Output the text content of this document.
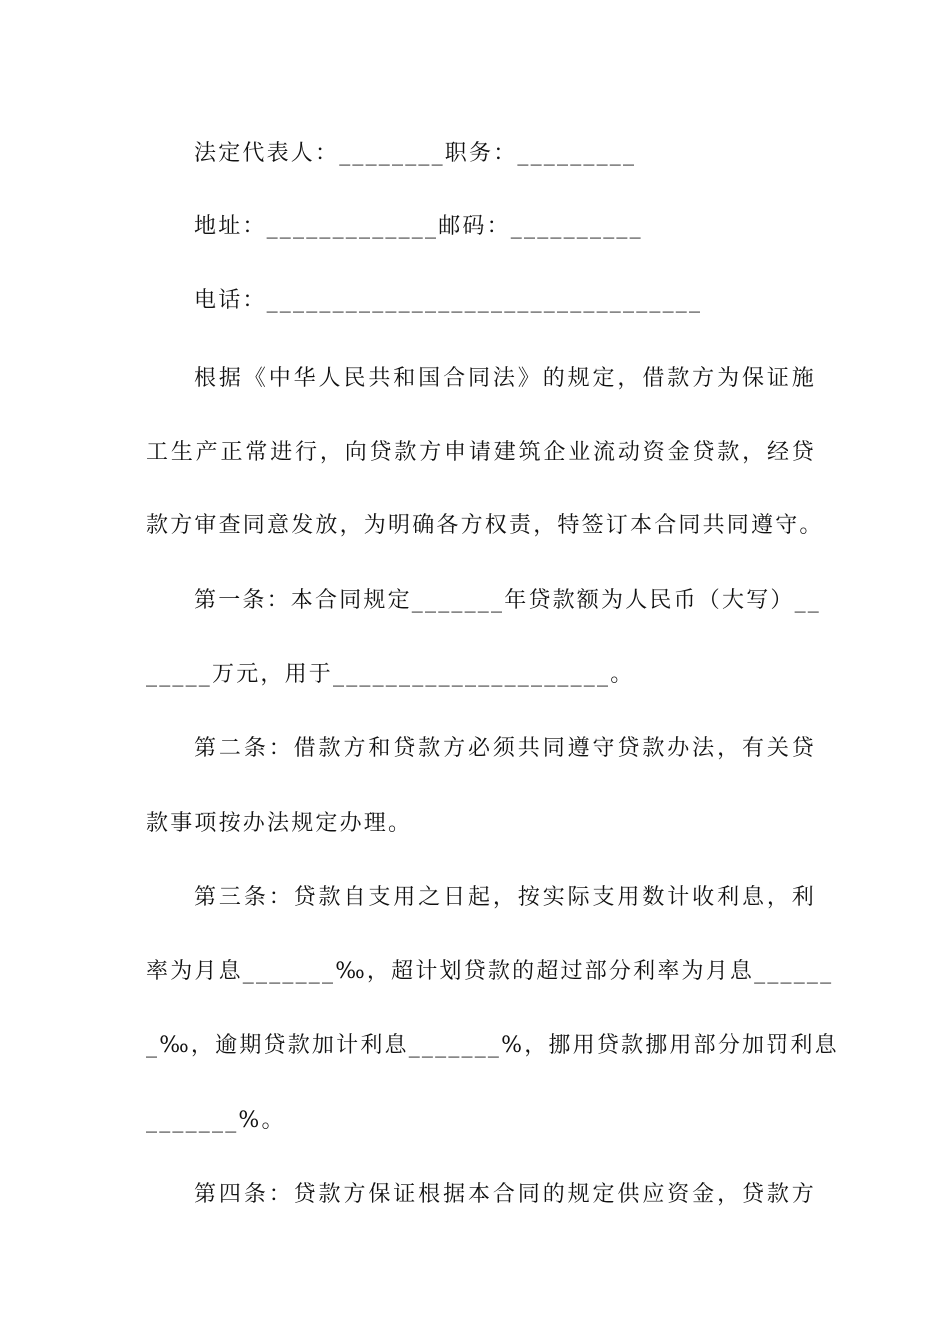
法定代表人：________职务：_________
地址：_____________邮码：__________
电话：_________________________________
根据《中华人民共和国合同法》的规定，借款方为保证施
工生产正常进行，向贷款方申请建筑企业流动资金贷款，经贷
款方审查同意发放，为明确各方权责，特签订本合同共同遵守。
第一条：本合同规定_______年贷款额为人民币（大写）__
_____万元，用于_____________________。
第二条：借款方和贷款方必须共同遵守贷款办法，有关贷
款事项按办法规定办理。
第三条：贷款自支用之日起，按实际支用数计收利息，利
率为月息_______‰，超计划贷款的超过部分利率为月息______
_‰，逾期贷款加计利息_______%，挪用贷款挪用部分加罚利息
_______%。
第四条：贷款方保证根据本合同的规定供应资金，贷款方
